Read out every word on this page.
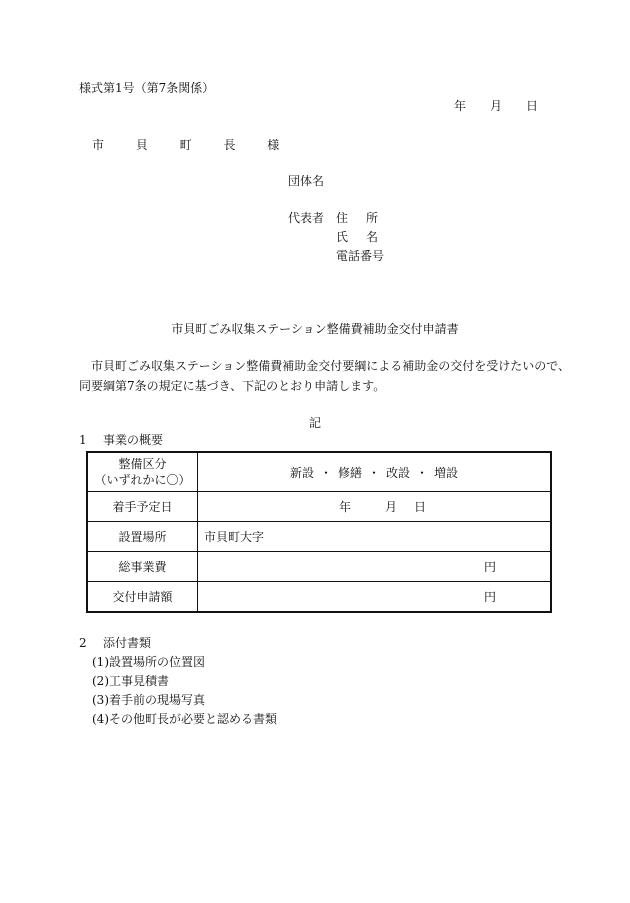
様式第1号（第7条関係）
年 月 日
市 貝 町 長 様
団体名
代表者 住所
氏名
電話番号
市貝町ごみ収集ステーション整備費補助金交付申請書
市貝町ごみ収集ステーション整備費補助金交付要綱による補助金の交付を受けたいので、
同要綱第7条の規定に基づき、下記のとおり申請します。
記
1 事業の概要
整備区分
（いずれかに〇）	新設 ・ 修繕 ・ 改設 ・ 増設
着手予定日	年 月 日
設置場所	市貝町大字
総事業費	円
交付申請額	円
2 添付書類
(1)設置場所の位置図
(2)工事見積書
(3)着手前の現場写真
(4)その他町長が必要と認める書類
